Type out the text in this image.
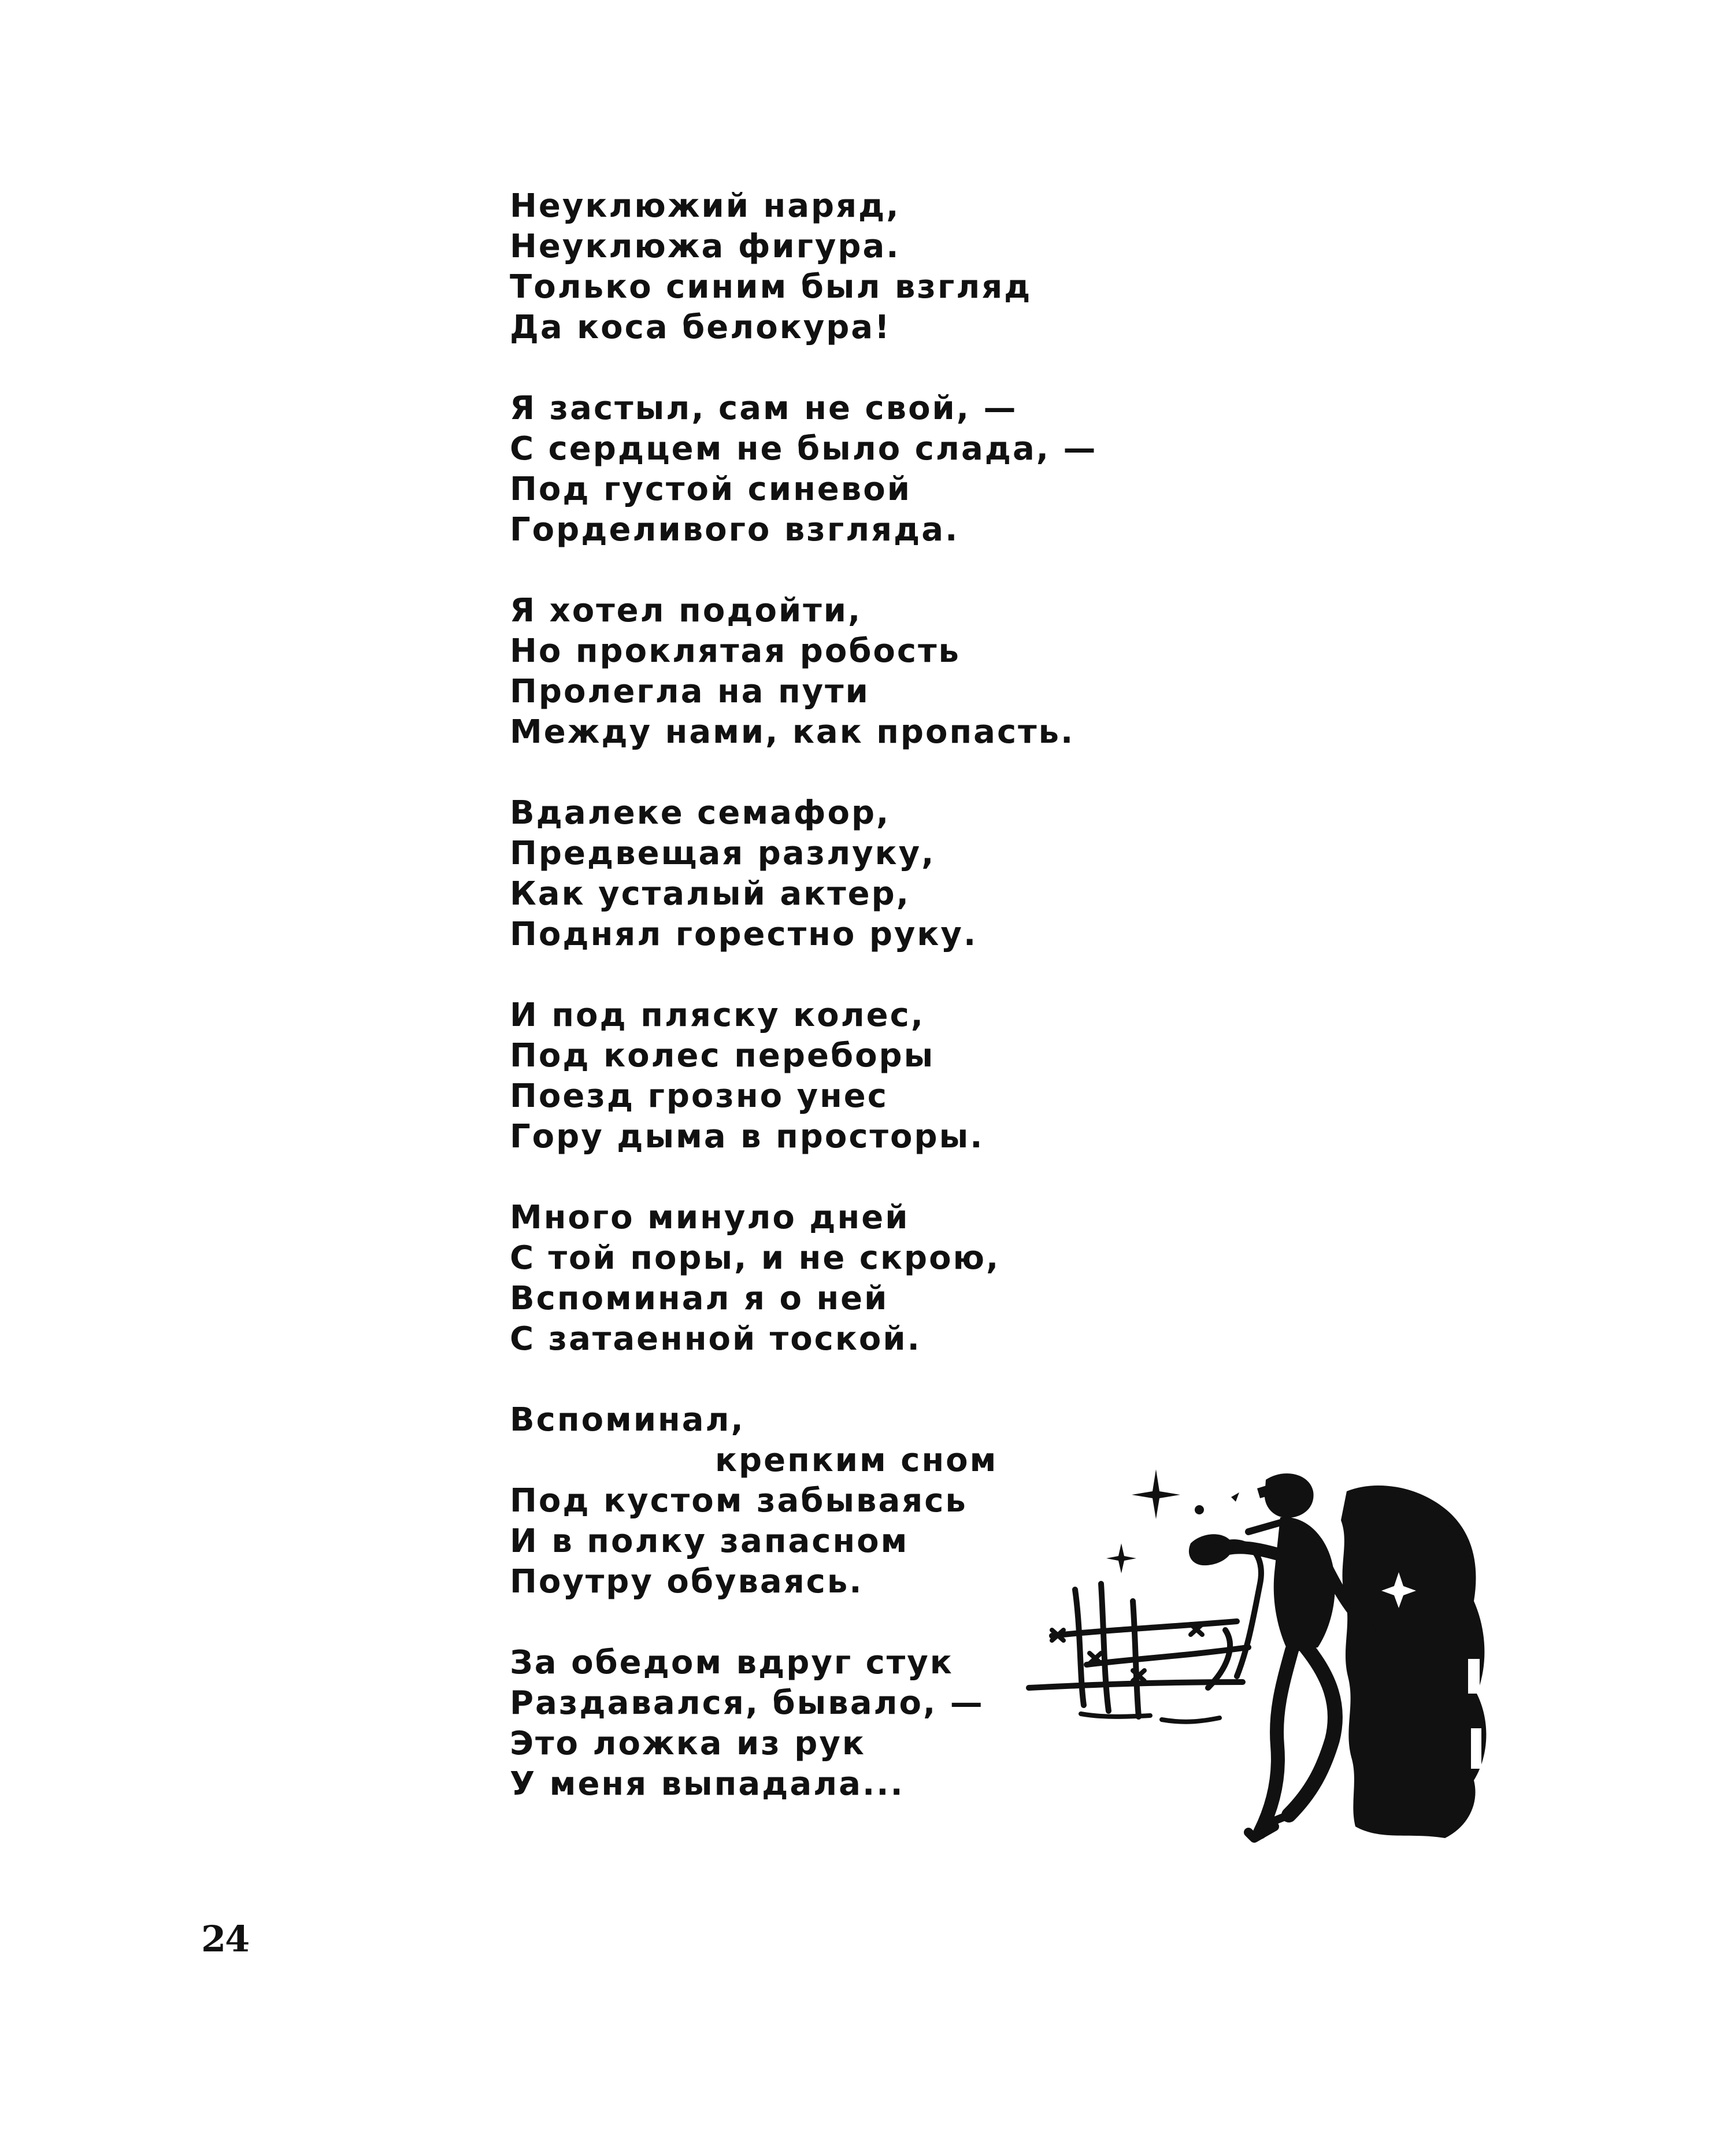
Неуклюжий наряд,
Неуклюжа фигура.
Только синим был взгляд
Да коса белокура!
Я застыл, сам не свой, —
С сердцем не было слада, —
Под густой синевой
Горделивого взгляда.
Я хотел подойти,
Но проклятая робость
Пролегла на пути
Между нами, как пропасть.
Вдалеке семафор,
Предвещая разлуку,
Как усталый актер,
Поднял горестно руку.
И под пляску колес,
Под колес переборы
Поезд грозно унес
Гору дыма в просторы.
Много минуло дней
С той поры, и не скрою,
Вспоминал я о ней
С затаенной тоской.
Вспоминал,
крепким сном
Под кустом забываясь
И в полку запасном
Поутру обуваясь.
За обедом вдруг стук
Раздавался, бывало, —
Это ложка из рук
У меня выпадала...
24
